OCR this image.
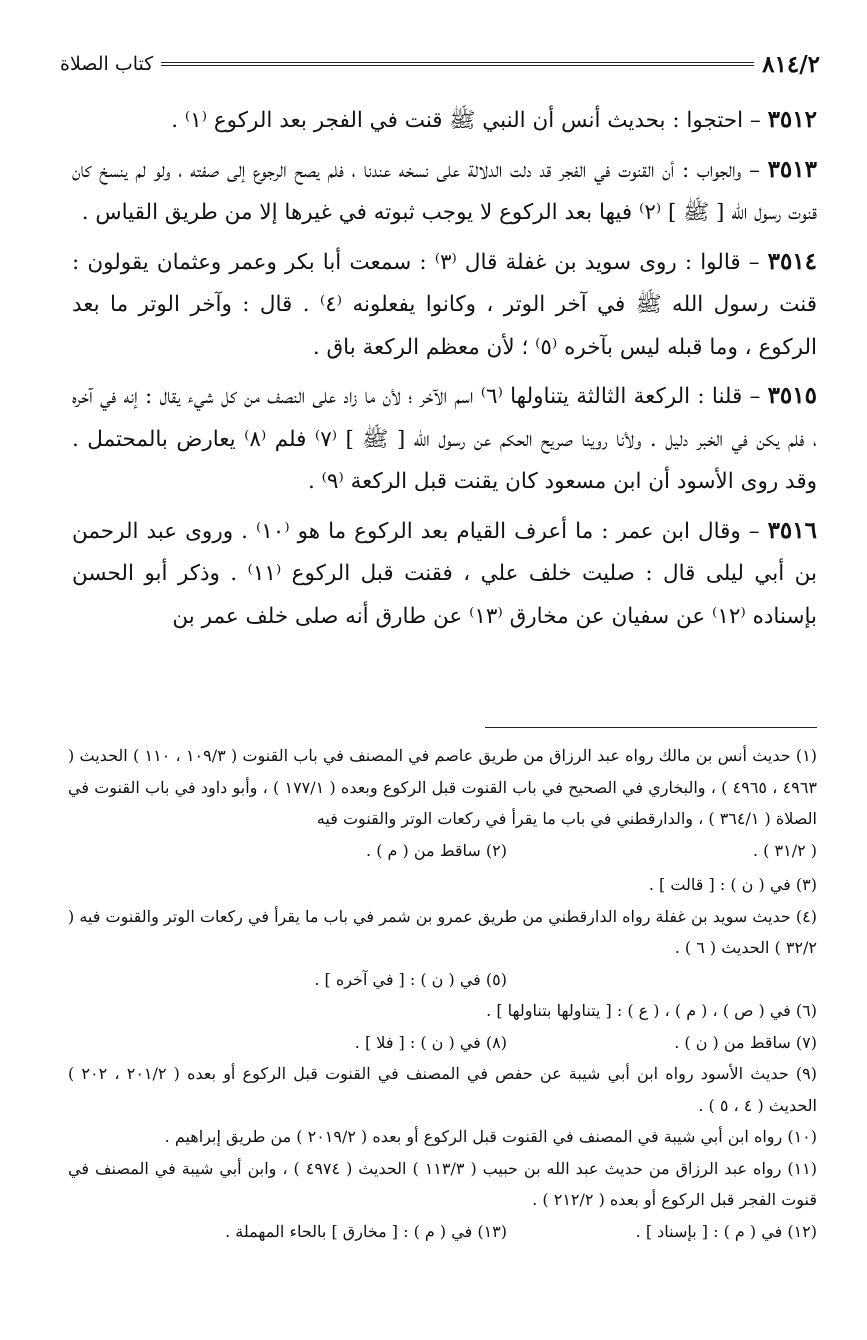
٨١٤/٢
كتاب الصلاة

٣٥١٢ – احتجوا : بحديث أنس أن النبي ﷺ قنت في الفجر بعد الركوع ⁽١⁾ .

٣٥١٣ – والجواب : أن القنوت في الفجر قد دلت الدلالة على نسخه عندنا ، فلم يصح الرجوع إلى صفته ، ولو لم ينسخ كان قنوت رسول الله [ ﷺ ] ⁽٢⁾ فيها بعد الركوع لا يوجب ثبوته في غيرها إلا من طريق القياس .

٣٥١٤ – قالوا : روى سويد بن غفلة قال ⁽٣⁾ : سمعت أبا بكر وعمر وعثمان يقولون : قنت رسول الله ﷺ في آخر الوتر ، وكانوا يفعلونه ⁽٤⁾ . قال : وآخر الوتر ما بعد الركوع ، وما قبله ليس بآخره ⁽٥⁾ ؛ لأن معظم الركعة باق .

٣٥١٥ – قلنا : الركعة الثالثة يتناولها ⁽٦⁾ اسم الآخر ؛ لأن ما زاد على النصف من كل شيء يقال : إنه في آخره ، فلم يكن في الخبر دليل . ولأنا روينا صريح الحكم عن رسول الله [ ﷺ ] ⁽٧⁾ فلم ⁽٨⁾ يعارض بالمحتمل . وقد روى الأسود أن ابن مسعود كان يقنت قبل الركعة ⁽٩⁾ .

٣٥١٦ – وقال ابن عمر : ما أعرف القيام بعد الركوع ما هو ⁽١٠⁾ . وروى عبد الرحمن بن أبي ليلى قال : صليت خلف علي ، فقنت قبل الركوع ⁽١١⁾ . وذكر أبو الحسن بإسناده ⁽١٢⁾ عن سفيان عن مخارق ⁽١٣⁾ عن طارق أنه صلى خلف عمر بن

(١) حديث أنس بن مالك رواه عبد الرزاق من طريق عاصم في المصنف في باب القنوت ( ١٠٩/٣ ، ١١٠ ) الحديث ( ٤٩٦٣ ، ٤٩٦٥ ) ، والبخاري في الصحيح في باب القنوت قبل الركوع وبعده ( ١٧٧/١ ) ، وأبو داود في باب القنوت في الصلاة ( ٣٦٤/١ ) ، والدارقطني في باب ما يقرأ في ركعات الوتر والقنوت فيه

( ٣١/٢ ) .
(٢) ساقط من ( م ) .

(٣) في ( ن ) : [ قالت ] .

(٤) حديث سويد بن غفلة رواه الدارقطني من طريق عمرو بن شمر في باب ما يقرأ في ركعات الوتر والقنوت فيه ( ٣٢/٢ ) الحديث ( ٦ ) .

(٥) في ( ن ) : [ في آخره ] .

(٦) في ( ص ) ، ( م ) ، ( ع ) : [ يتناولها بتناولها ] .

(٧) ساقط من ( ن ) .
(٨) في ( ن ) : [ فلا ] .

(٩) حديث الأسود رواه ابن أبي شيبة عن حفص في المصنف في القنوت قبل الركوع أو بعده ( ٢٠١/٢ ، ٢٠٢ ) الحديث ( ٤ ، ٥ ) .

(١٠) رواه ابن أبي شيبة في المصنف في القنوت قبل الركوع أو بعده ( ٢٠١٩/٢ ) من طريق إبراهيم .

(١١) رواه عبد الرزاق من حديث عبد الله بن حبيب ( ١١٣/٣ ) الحديث ( ٤٩٧٤ ) ، وابن أبي شيبة في المصنف في قنوت الفجر قبل الركوع أو بعده ( ٢١٢/٢ ) .

(١٢) في ( م ) : [ بإسناد ] .
(١٣) في ( م ) : [ مخارق ] بالحاء المهملة .
